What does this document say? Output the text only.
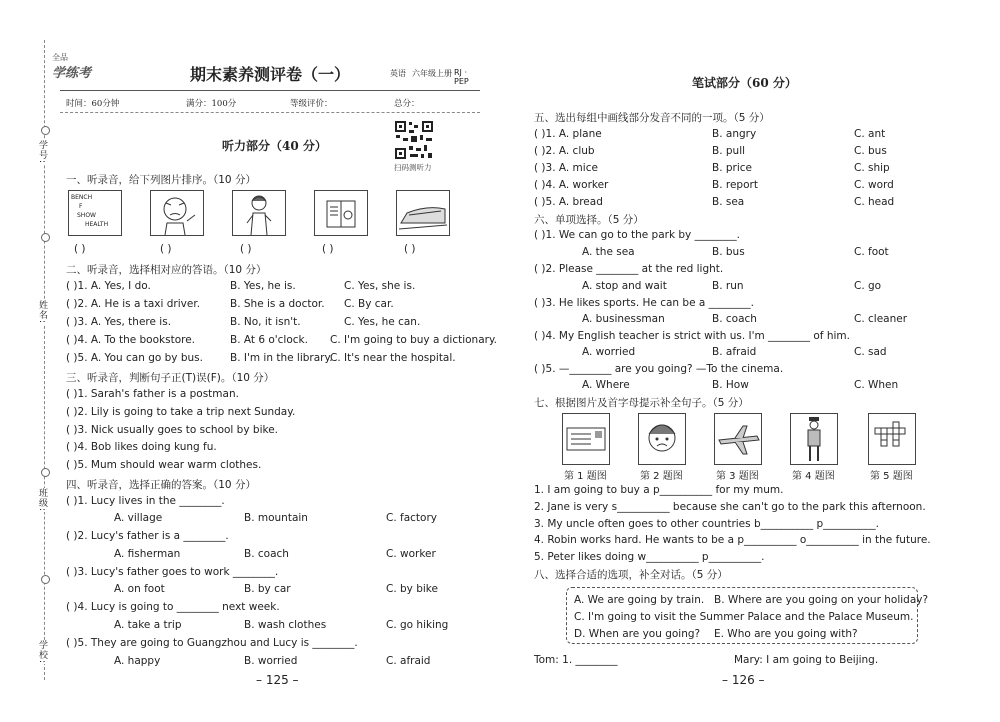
学号:
姓名:
班级:
学校:
全品
学练考	期末素养测评卷（一）	英语 六年级上册 RJ · PEP
时间：60分钟	满分：100分	等级评价：	总分：
听力部分（40 分）
扫码测听力
一、听录音，给下列图片排序。（10 分）
BENCH
F
SHOW
HEALTH
( )	( )	( )	( )	( )
二、听录音，选择相对应的答语。（10 分）
( )1. A. Yes, I do.	B. Yes, he is.	C. Yes, she is.
( )2. A. He is a taxi driver.	B. She is a doctor. C. By car.
( )3. A. Yes, there is.	B. No, it isn't.	C. Yes, he can.
( )4. A. To the bookstore.	B. At 6 o'clock. C. I'm going to buy a dictionary.
( )5. A. You can go by bus.	B. I'm in the library.
C. It's near the hospital.
三、听录音，判断句子正(T)误(F)。（10 分）
( )1. Sarah's father is a postman.
( )2. Lily is going to take a trip next Sunday.
( )3. Nick usually goes to school by bike.
( )4. Bob likes doing kung fu.
( )5. Mum should wear warm clothes.
四、听录音，选择正确的答案。（10 分）
( )1. Lucy lives in the ________.
A. village	B. mountain	C. factory
( )2. Lucy's father is a ________.
A. fisherman	B. coach	C. worker
( )3. Lucy's father goes to work ________.
A. on foot	B. by car	C. by bike
( )4. Lucy is going to ________ next week.
A. take a trip	B. wash clothes	C. go hiking
( )5. They are going to Guangzhou and Lucy is ________.
A. happy	B. worried	C. afraid
– 125 –
笔试部分（60 分）
五、选出每组中画线部分发音不同的一项。（5 分）
( )1. A. plane	B. angry	C. ant
( )2. A. club	B. pull	C. bus
( )3. A. mice	B. price	C. ship
( )4. A. worker	B. report	C. word
( )5. A. bread	B. sea	C. head
六、单项选择。（5 分）
( )1. We can go to the park by ________.
A. the sea	B. bus	C. foot
( )2. Please ________ at the red light.
A. stop and wait	B. run	C. go
( )3. He likes sports. He can be a ________.
A. businessman	B. coach	C. cleaner
( )4. My English teacher is strict with us. I'm ________ of him.
A. worried	B. afraid	C. sad
( )5. —________ are you going? —To the cinema.
A. Where	B. How	C. When
七、根据图片及首字母提示补全句子。（5 分）
第 1 题图	第 2 题图	第 3 题图	第 4 题图	第 5 题图
1. I am going to buy a p__________ for my mum.
2. Jane is very s__________ because she can't go to the park this afternoon.
3. My uncle often goes to other countries b__________ p__________.
4. Robin works hard. He wants to be a p__________ o__________ in the future.
5. Peter likes doing w__________ p__________.
八、选择合适的选项，补全对话。（5 分）
A. We are going by train. B. Where are you going on your holiday?
C. I'm going to visit the Summer Palace and the Palace Museum.
D. When are you going? E. Who are you going with?
Tom: 1. ________	Mary: I am going to Beijing.
– 126 –
